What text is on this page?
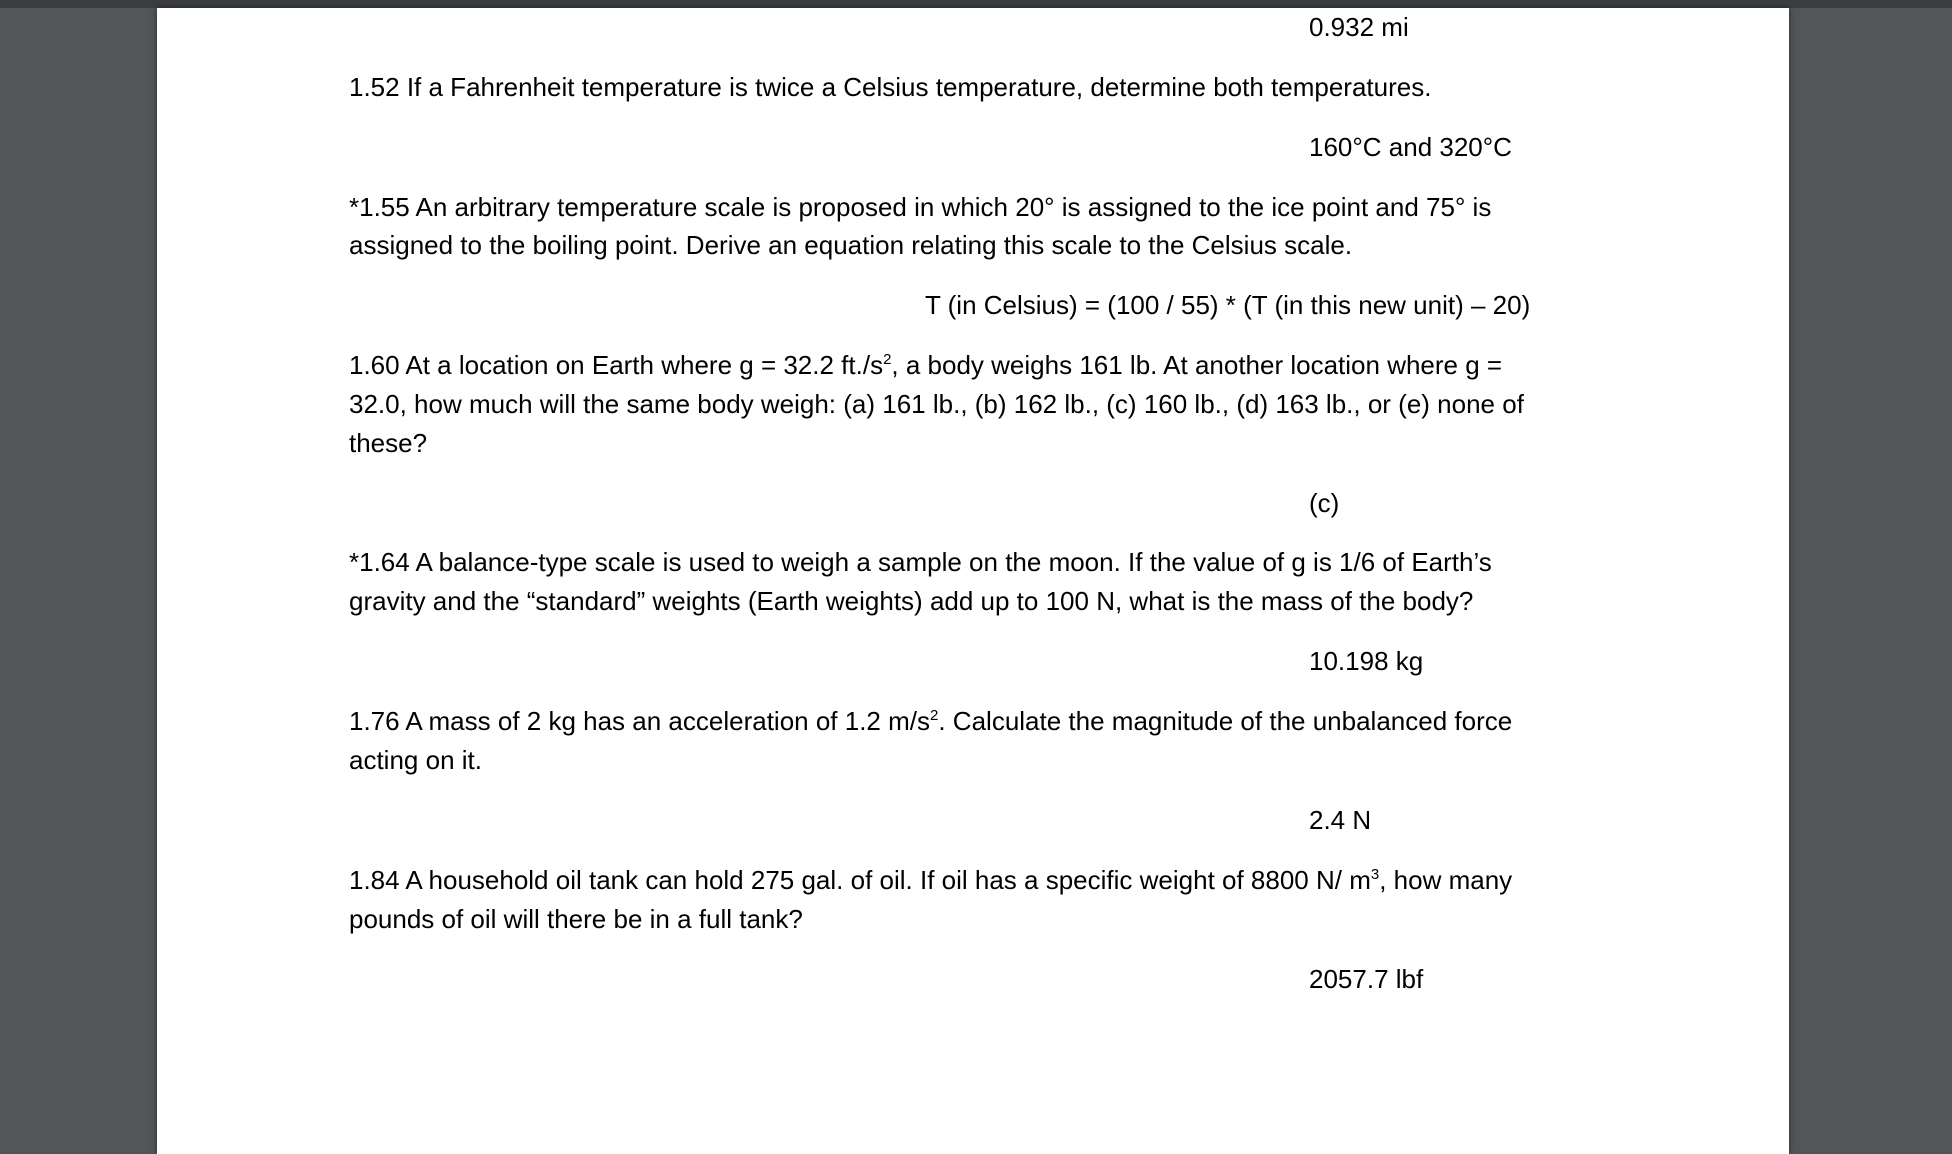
0.932 mi

1.52 If a Fahrenheit temperature is twice a Celsius temperature, determine both temperatures.

160°C and 320°C

*1.55 An arbitrary temperature scale is proposed in which 20° is assigned to the ice point and 75° is

assigned to the boiling point. Derive an equation relating this scale to the Celsius scale.

T (in Celsius) = (100 / 55) * (T (in this new unit) – 20)

1.60 At a location on Earth where g = 32.2 $ft./s^2$, a body weighs 161 lb. At another location where g =

32.0, how much will the same body weigh: (a) 161 lb., (b) 162 lb., (c) 160 lb., (d) 163 lb., or (e) none of

these?

(c)

*1.64 A balance-type scale is used to weigh a sample on the moon. If the value of g is 1/6 of Earth’s

gravity and the “standard” weights (Earth weights) add up to 100 N, what is the mass of the body?

10.198 kg

1.76 A mass of 2 kg has an acceleration of 1.2 $m/s^2$. Calculate the magnitude of the unbalanced force

acting on it.

2.4 N

1.84 A household oil tank can hold 275 gal. of oil. If oil has a specific weight of 8800 N/ $m^3$, how many

pounds of oil will there be in a full tank?

2057.7 lbf
